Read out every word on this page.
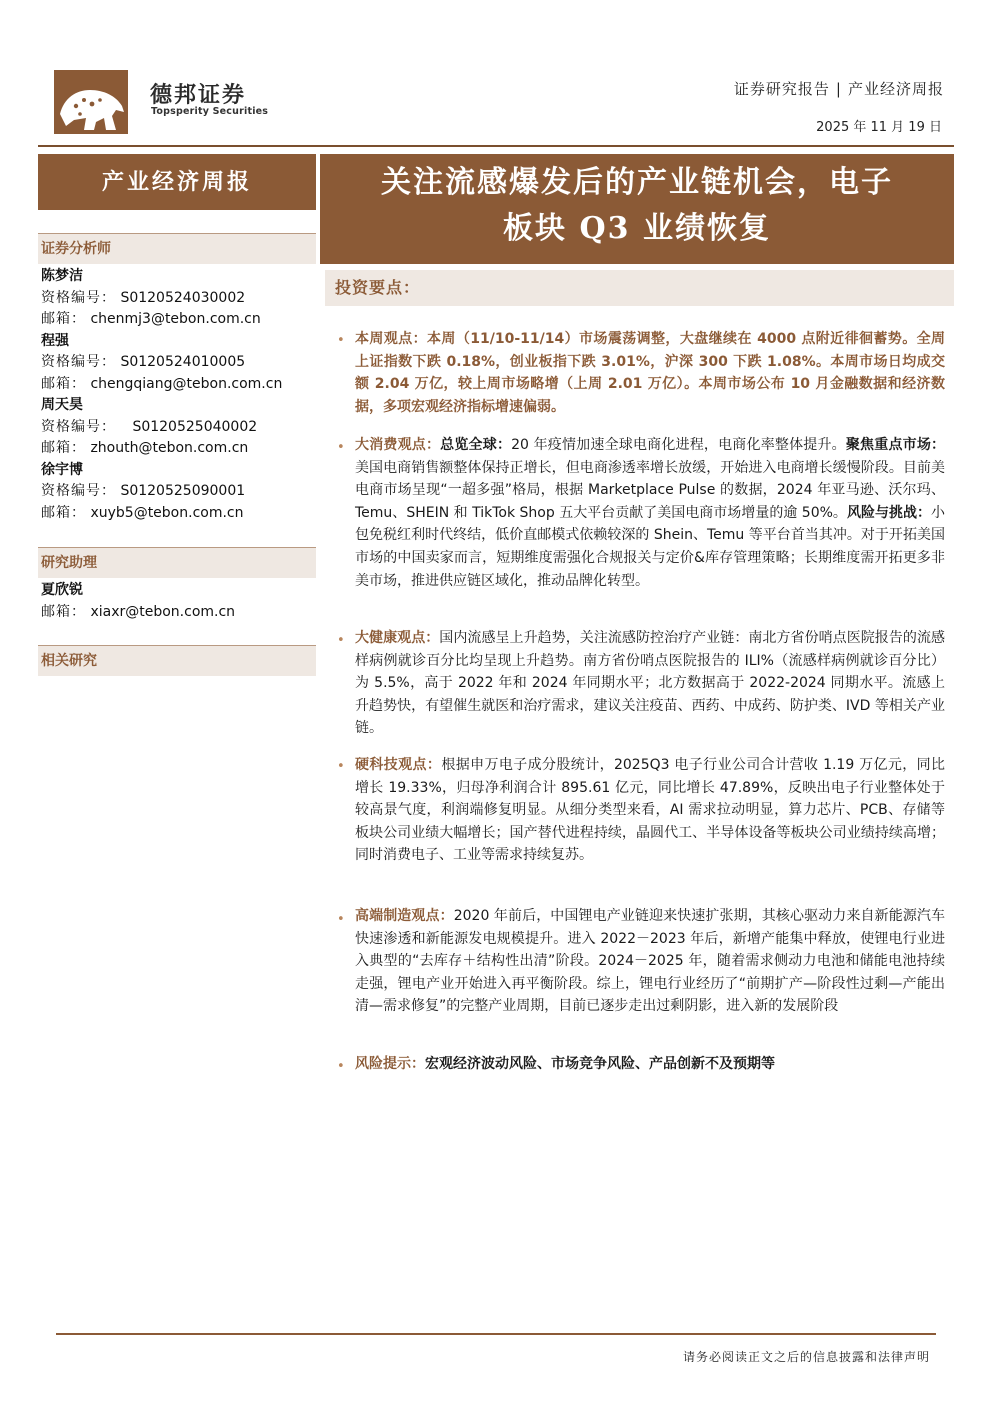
德邦证券
Topsperity Securities
证券研究报告 | 产业经济周报
2025 年 11 月 19 日
产业经济周报
证券分析师
陈梦洁
资格编号： S0120524030002
邮箱： chenmj3@tebon.com.cn
程强
资格编号： S0120524010005
邮箱： chengqiang@tebon.com.cn
周天昊
资格编号： S0120525040002
邮箱： zhouth@tebon.com.cn
徐宇博
资格编号： S0120525090001
邮箱： xuyb5@tebon.com.cn
研究助理
夏欣锐
邮箱： xiaxr@tebon.com.cn
相关研究
关注流感爆发后的产业链机会，电子
板块 Q3 业绩恢复
投资要点：
• 本周观点：本周（11/10-11/14）市场震荡调整，大盘继续在 4000 点附近徘徊蓄势。全周上证指数下跌 0.18%，创业板指下跌 3.01%，沪深 300 下跌 1.08%。本周市场日均成交额 2.04 万亿，较上周市场略增（上周 2.01 万亿）。本周市场公布 10 月金融数据和经济数据，多项宏观经济指标增速偏弱。
• 大消费观点：总览全球：20 年疫情加速全球电商化进程，电商化率整体提升。聚焦重点市场：美国电商销售额整体保持正增长，但电商渗透率增长放缓，开始进入电商增长缓慢阶段。目前美电商市场呈现“一超多强”格局，根据 Marketplace Pulse 的数据，2024 年亚马逊、沃尔玛、Temu、SHEIN 和 TikTok Shop 五大平台贡献了美国电商市场增量的逾 50%。风险与挑战：小包免税红利时代终结，低价直邮模式依赖较深的 Shein、Temu 等平台首当其冲。对于开拓美国市场的中国卖家而言，短期维度需强化合规报关与定价&库存管理策略；长期维度需开拓更多非美市场，推进供应链区域化，推动品牌化转型。
• 大健康观点：国内流感呈上升趋势，关注流感防控治疗产业链：南北方省份哨点医院报告的流感样病例就诊百分比均呈现上升趋势。南方省份哨点医院报告的 ILI%（流感样病例就诊百分比）为 5.5%，高于 2022 年和 2024 年同期水平；北方数据高于 2022-2024 同期水平。流感上升趋势快，有望催生就医和治疗需求，建议关注疫苗、西药、中成药、防护类、IVD 等相关产业链。
• 硬科技观点：根据申万电子成分股统计，2025Q3 电子行业公司合计营收 1.19 万亿元，同比增长 19.33%，归母净利润合计 895.61 亿元，同比增长 47.89%，反映出电子行业整体处于较高景气度，利润端修复明显。从细分类型来看，AI 需求拉动明显，算力芯片、PCB、存储等板块公司业绩大幅增长；国产替代进程持续，晶圆代工、半导体设备等板块公司业绩持续高增；同时消费电子、工业等需求持续复苏。
• 高端制造观点：2020 年前后，中国锂电产业链迎来快速扩张期，其核心驱动力来自新能源汽车快速渗透和新能源发电规模提升。进入 2022－2023 年后，新增产能集中释放，使锂电行业进入典型的“去库存＋结构性出清”阶段。2024－2025 年，随着需求侧动力电池和储能电池持续走强，锂电产业开始进入再平衡阶段。综上，锂电行业经历了“前期扩产—阶段性过剩—产能出清—需求修复”的完整产业周期，目前已逐步走出过剩阴影，进入新的发展阶段
• 风险提示：宏观经济波动风险、市场竞争风险、产品创新不及预期等
请务必阅读正文之后的信息披露和法律声明
